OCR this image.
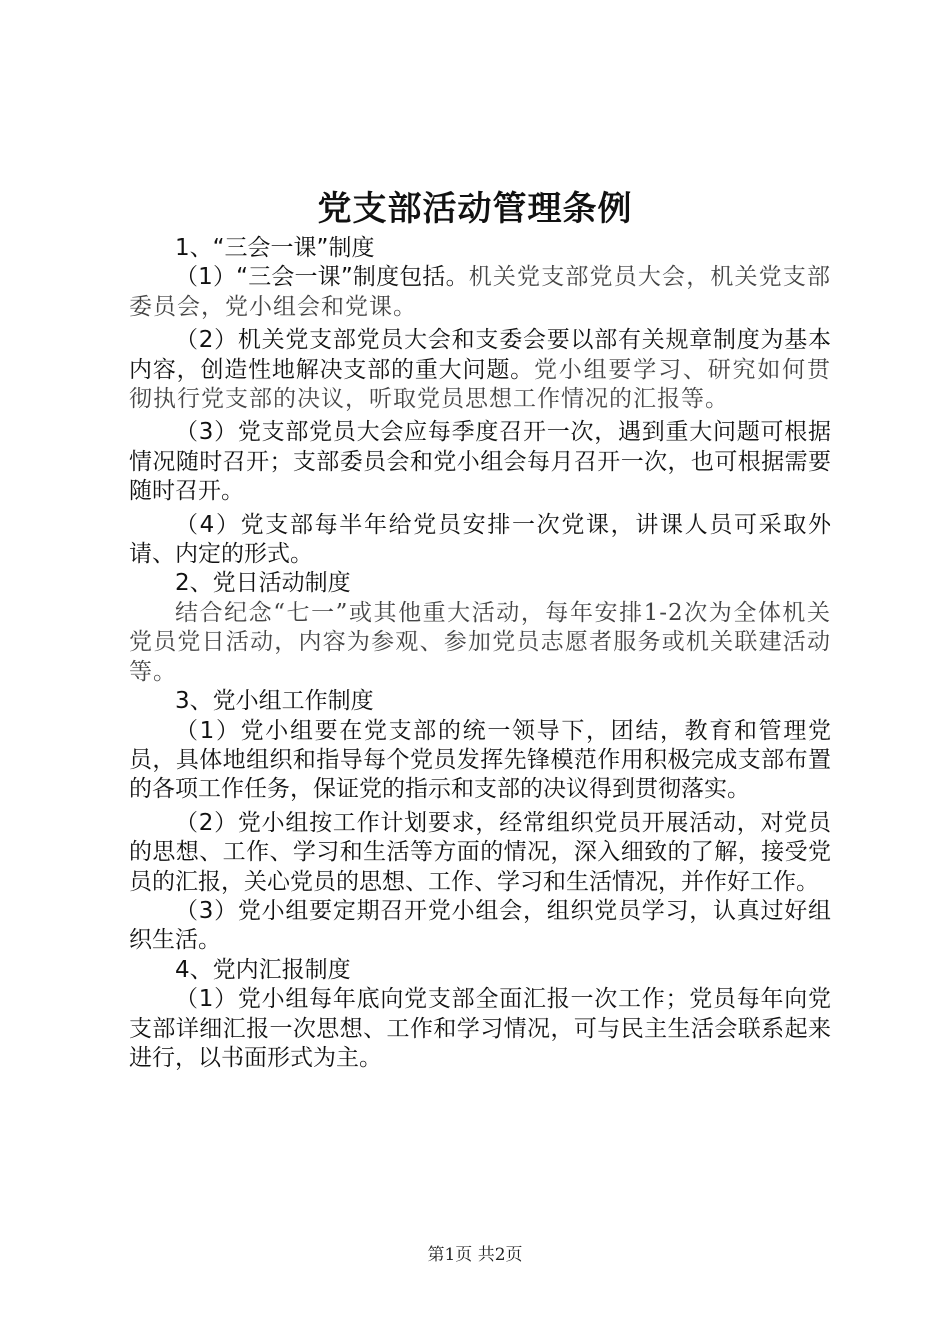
党支部活动管理条例

1、“三会一课”制度

（1）“三会一课”制度包括。机关党支部党员大会，机关党支部委员会，党小组会和党课。

（2）机关党支部党员大会和支委会要以部有关规章制度为基本内容，创造性地解决支部的重大问题。党小组要学习、研究如何贯彻执行党支部的决议，听取党员思想工作情况的汇报等。

（3）党支部党员大会应每季度召开一次，遇到重大问题可根据情况随时召开；支部委员会和党小组会每月召开一次，也可根据需要随时召开。

（4）党支部每半年给党员安排一次党课，讲课人员可采取外请、内定的形式。

2、党日活动制度

结合纪念“七一”或其他重大活动，每年安排1-2次为全体机关党员党日活动，内容为参观、参加党员志愿者服务或机关联建活动等。

3、党小组工作制度

（1）党小组要在党支部的统一领导下，团结，教育和管理党员，具体地组织和指导每个党员发挥先锋模范作用积极完成支部布置的各项工作任务，保证党的指示和支部的决议得到贯彻落实。

（2）党小组按工作计划要求，经常组织党员开展活动，对党员的思想、工作、学习和生活等方面的情况，深入细致的了解，接受党员的汇报，关心党员的思想、工作、学习和生活情况，并作好工作。

（3）党小组要定期召开党小组会，组织党员学习，认真过好组织生活。

4、党内汇报制度

（1）党小组每年底向党支部全面汇报一次工作；党员每年向党支部详细汇报一次思想、工作和学习情况，可与民主生活会联系起来进行，以书面形式为主。

第1页 共2页
